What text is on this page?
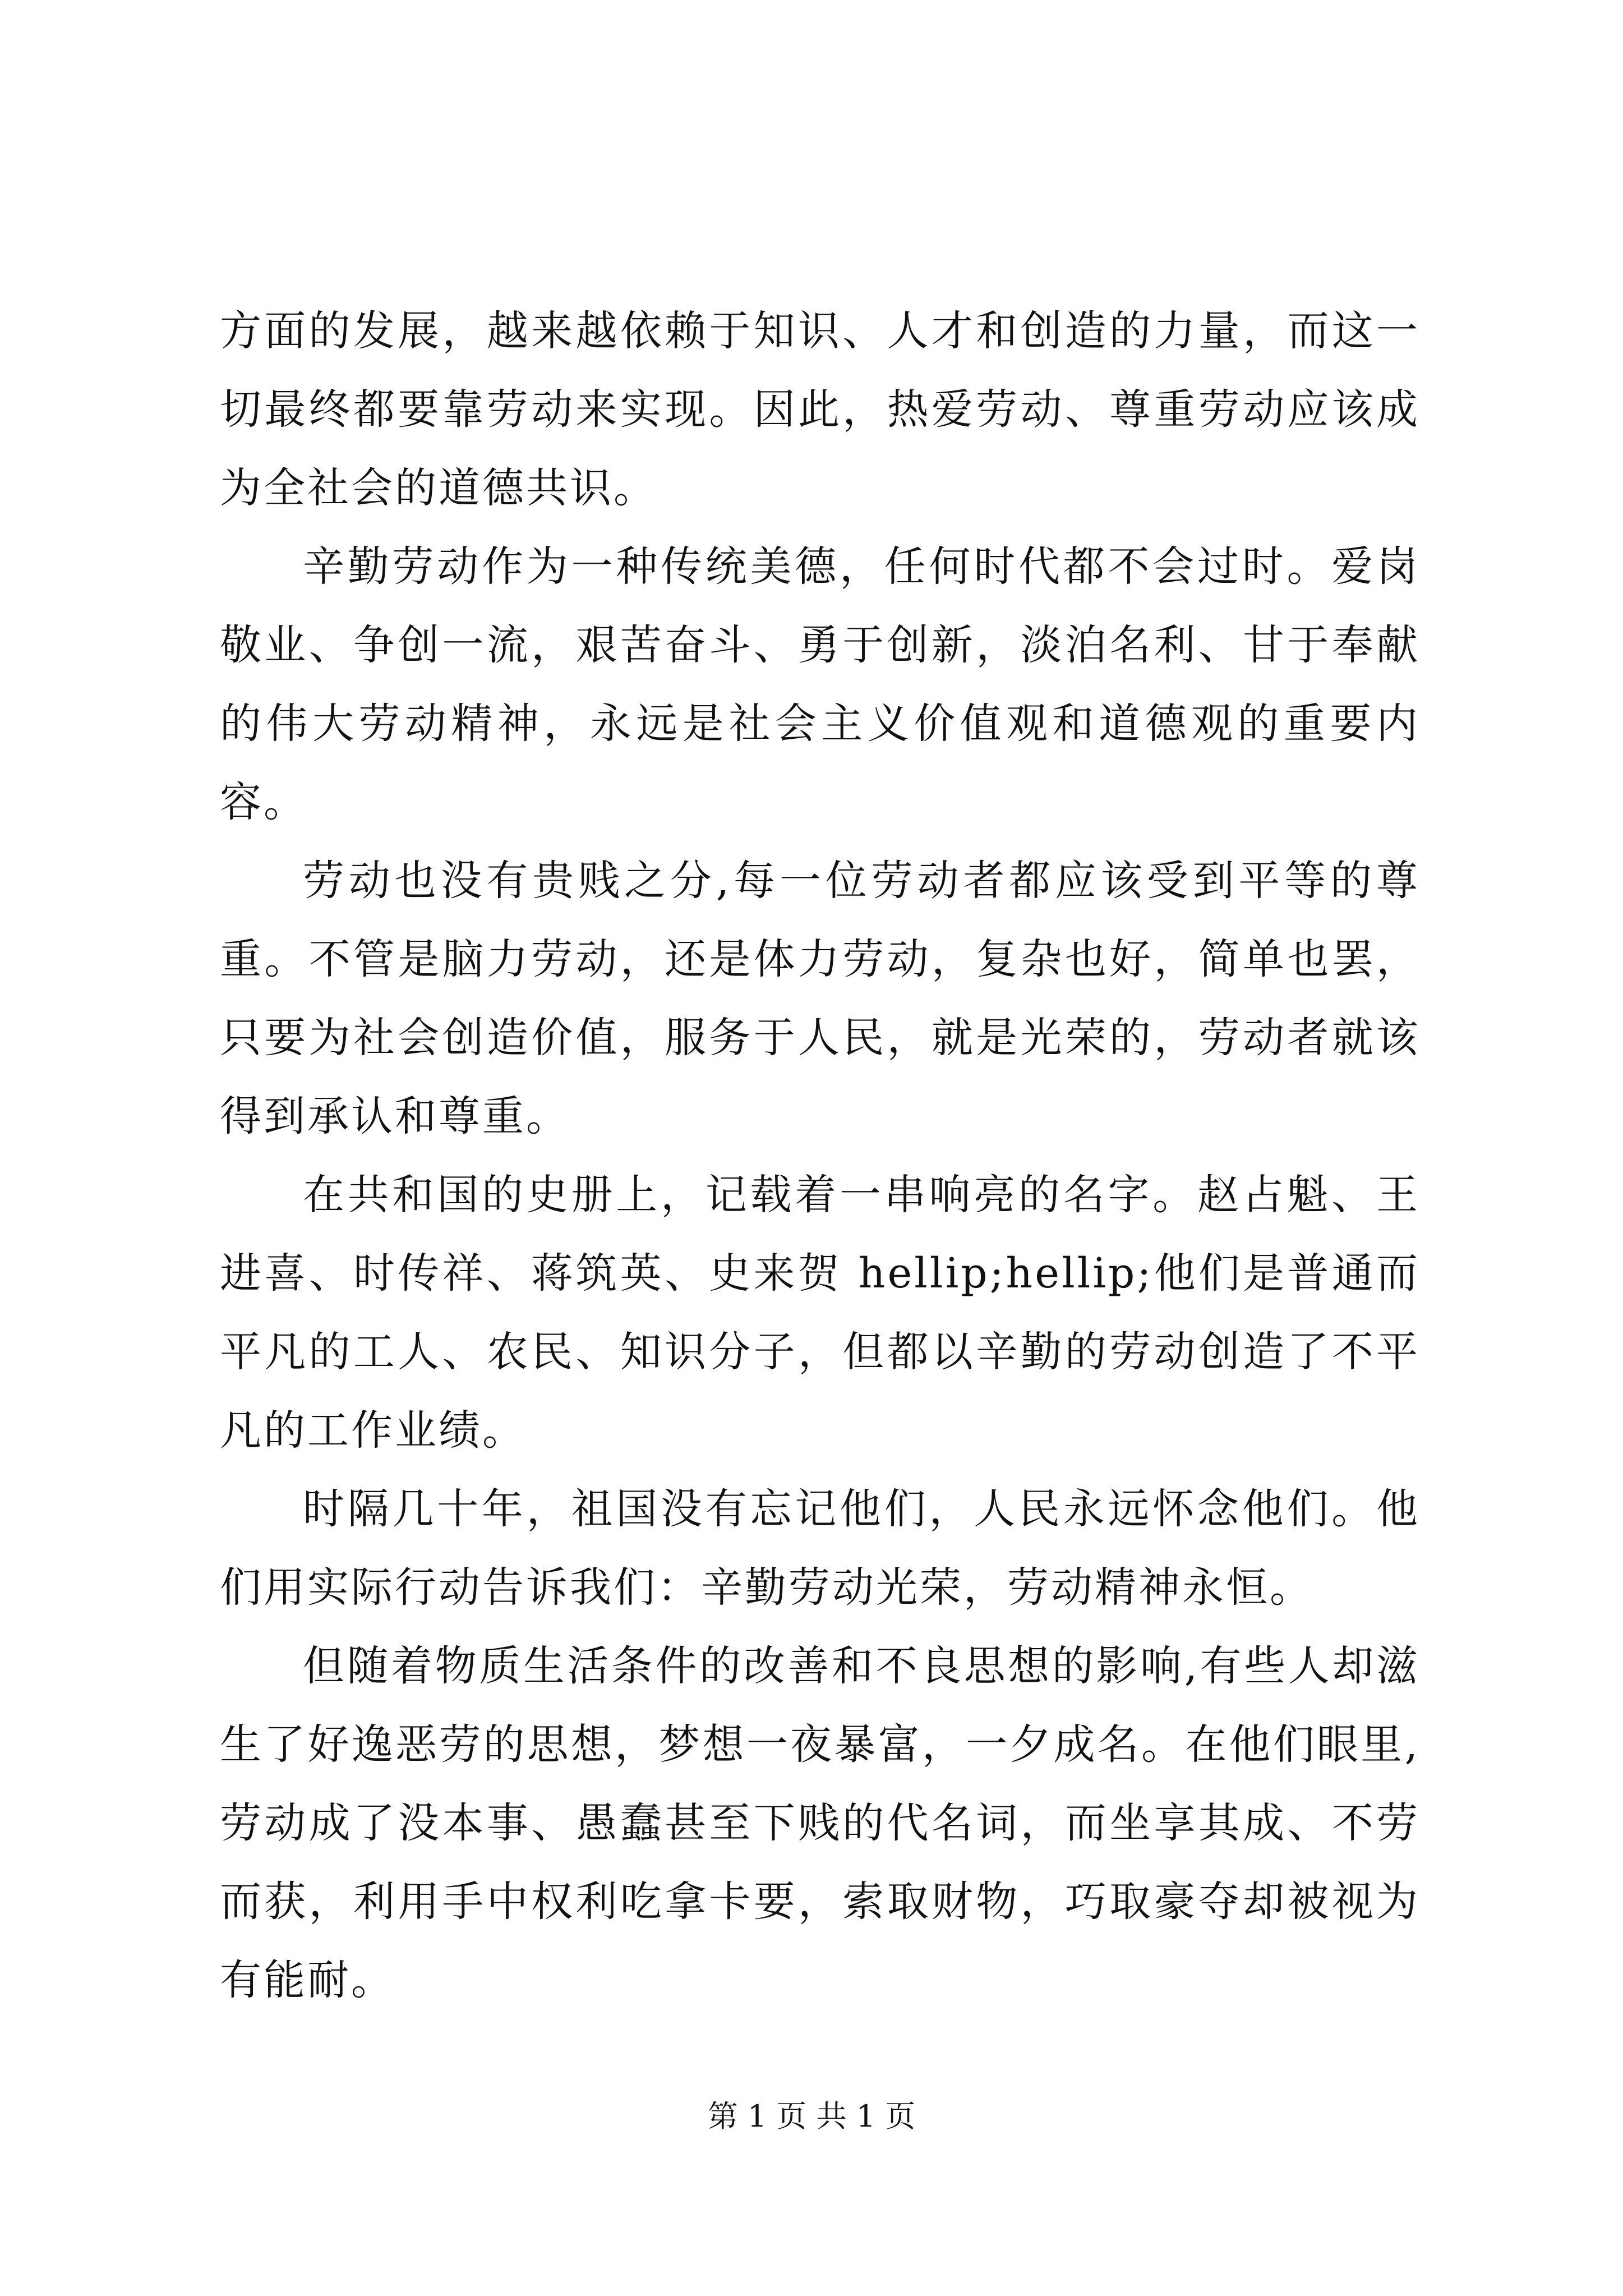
方面的发展，越来越依赖于知识、人才和创造的力量，而这一切最终都要靠劳动来实现。因此，热爱劳动、尊重劳动应该成为全社会的道德共识。

辛勤劳动作为一种传统美德，任何时代都不会过时。爱岗敬业、争创一流，艰苦奋斗、勇于创新，淡泊名利、甘于奉献的伟大劳动精神，永远是社会主义价值观和道德观的重要内容。

劳动也没有贵贱之分,每一位劳动者都应该受到平等的尊重。不管是脑力劳动，还是体力劳动，复杂也好，简单也罢，只要为社会创造价值，服务于人民，就是光荣的，劳动者就该得到承认和尊重。

在共和国的史册上，记载着一串响亮的名字。赵占魁、王进喜、时传祥、蒋筑英、史来贺 hellip;hellip;他们是普通而平凡的工人、农民、知识分子，但都以辛勤的劳动创造了不平凡的工作业绩。

时隔几十年，祖国没有忘记他们，人民永远怀念他们。他们用实际行动告诉我们：辛勤劳动光荣，劳动精神永恒。

但随着物质生活条件的改善和不良思想的影响,有些人却滋生了好逸恶劳的思想，梦想一夜暴富，一夕成名。在他们眼里,劳动成了没本事、愚蠢甚至下贱的代名词，而坐享其成、不劳而获，利用手中权利吃拿卡要，索取财物，巧取豪夺却被视为有能耐。

第 1 页 共 1 页
